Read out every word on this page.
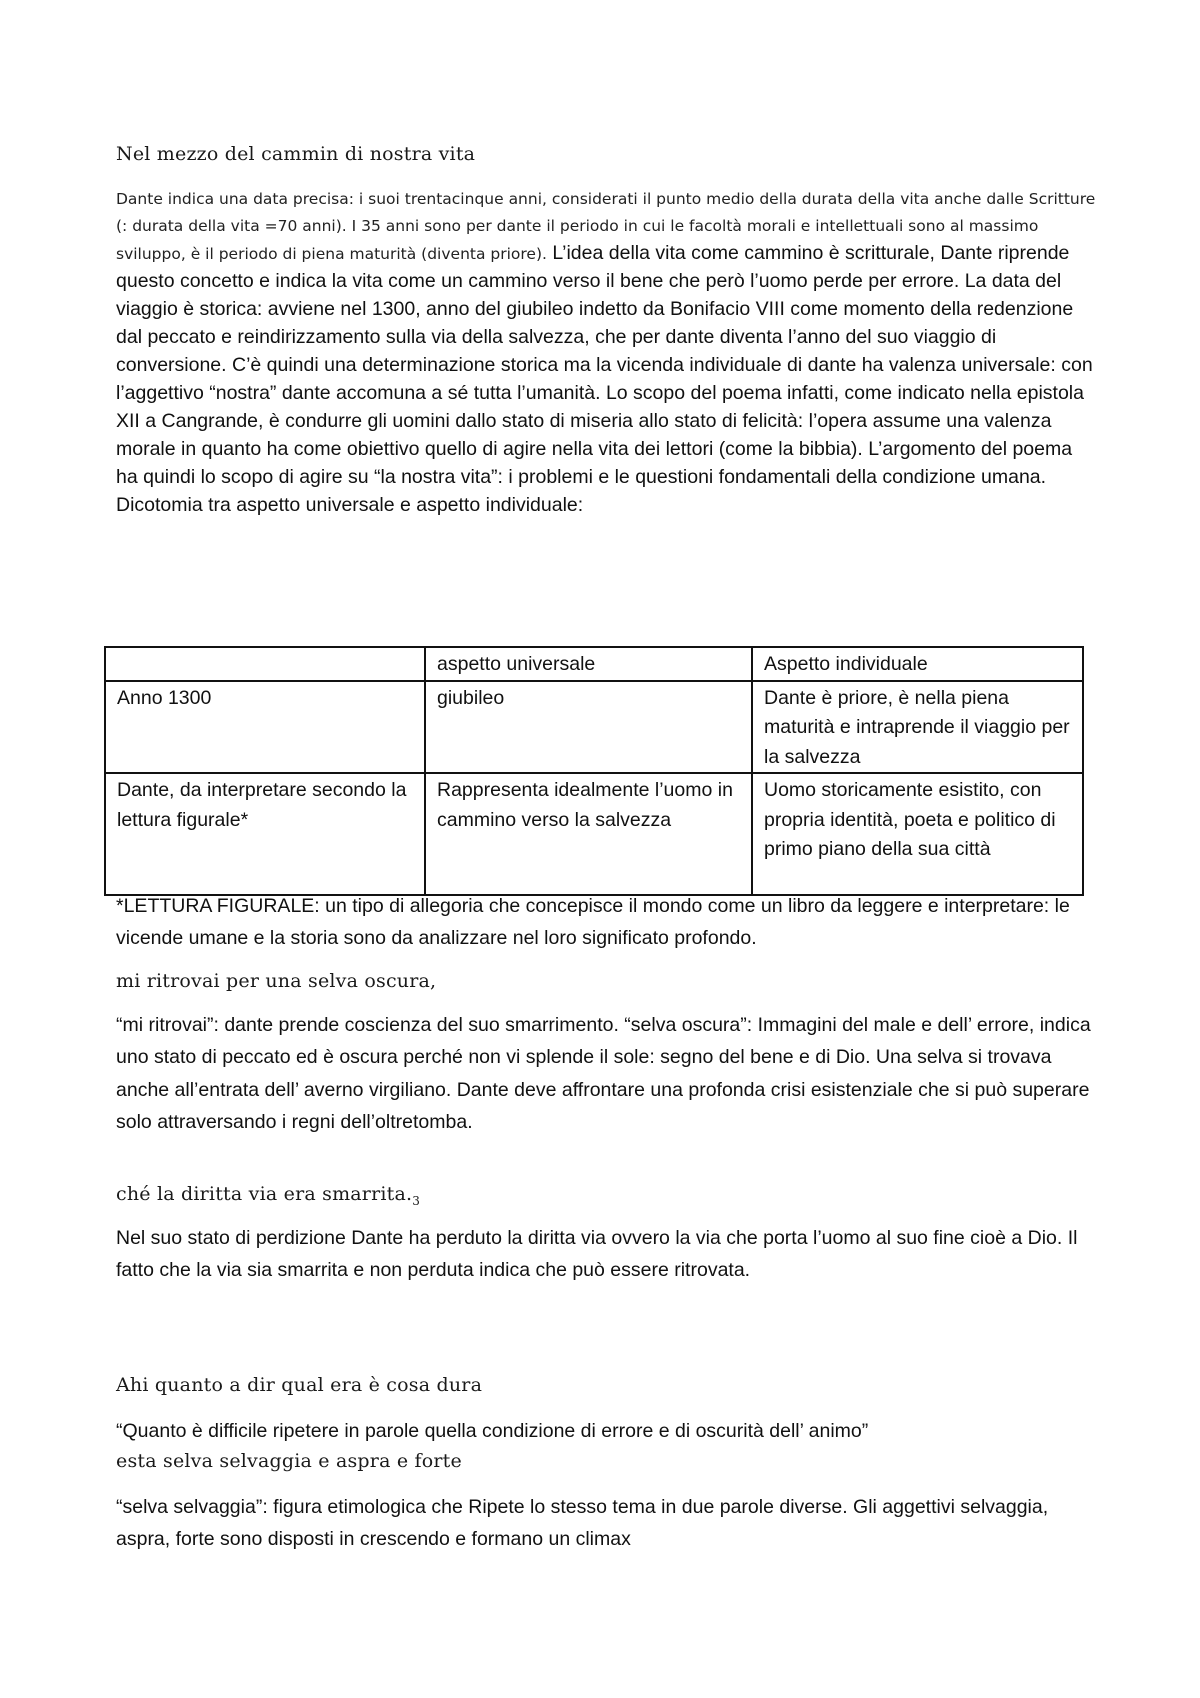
Nel mezzo del cammin di nostra vita
Dante indica una data precisa: i suoi trentacinque anni, considerati il punto medio della durata della vita anche dalle Scritture (: durata della vita =70 anni). I 35 anni sono per dante il periodo in cui le facoltà morali e intellettuali sono al massimo sviluppo, è il periodo di piena maturità (diventa priore). L’idea della vita come cammino è scritturale, Dante riprende questo concetto e indica la vita come un cammino verso il bene che però l’uomo perde per errore. La data del viaggio è storica: avviene nel 1300, anno del giubileo indetto da Bonifacio VIII come momento della redenzione dal peccato e reindirizzamento sulla via della salvezza, che per dante diventa l’anno del suo viaggio di conversione. C’è quindi una determinazione storica ma la vicenda individuale di dante ha valenza universale: con l’aggettivo “nostra” dante accomuna a sé tutta l’umanità. Lo scopo del poema infatti, come indicato nella epistola XII a Cangrande, è condurre gli uomini dallo stato di miseria allo stato di felicità: l’opera assume una valenza morale in quanto ha come obiettivo quello di agire nella vita dei lettori (come la bibbia). L’argomento del poema ha quindi lo scopo di agire su “la nostra vita”: i problemi e le questioni fondamentali della condizione umana. Dicotomia tra aspetto universale e aspetto individuale:
	aspetto universale	Aspetto individuale
Anno 1300	giubileo	Dante è priore, è nella piena maturità e intraprende il viaggio per la salvezza
Dante, da interpretare secondo la lettura figurale*	Rappresenta idealmente l’uomo in cammino verso la salvezza	Uomo storicamente esistito, con propria identità, poeta e politico di primo piano della sua città
*LETTURA FIGURALE: un tipo di allegoria che concepisce il mondo come un libro da leggere e interpretare: le vicende umane e la storia sono da analizzare nel loro significato profondo.
mi ritrovai per una selva oscura,
“mi ritrovai”: dante prende coscienza del suo smarrimento. “selva oscura”: Immagini del male e dell’ errore, indica uno stato di peccato ed è oscura perché non vi splende il sole: segno del bene e di Dio. Una selva si trovava anche all’entrata dell’ averno virgiliano. Dante deve affrontare una profonda crisi esistenziale che si può superare solo attraversando i regni dell’oltretomba.
ché la diritta via era $smarrita._3$
Nel suo stato di perdizione Dante ha perduto la diritta via ovvero la via che porta l’uomo al suo fine cioè a Dio. Il fatto che la via sia smarrita e non perduta indica che può essere ritrovata.
Ahi quanto a dir qual era è cosa dura
“Quanto è difficile ripetere in parole quella condizione di errore e di oscurità dell’ animo”
esta selva selvaggia e aspra e forte
“selva selvaggia”: figura etimologica che Ripete lo stesso tema in due parole diverse. Gli aggettivi selvaggia, aspra, forte sono disposti in crescendo e formano un climax
